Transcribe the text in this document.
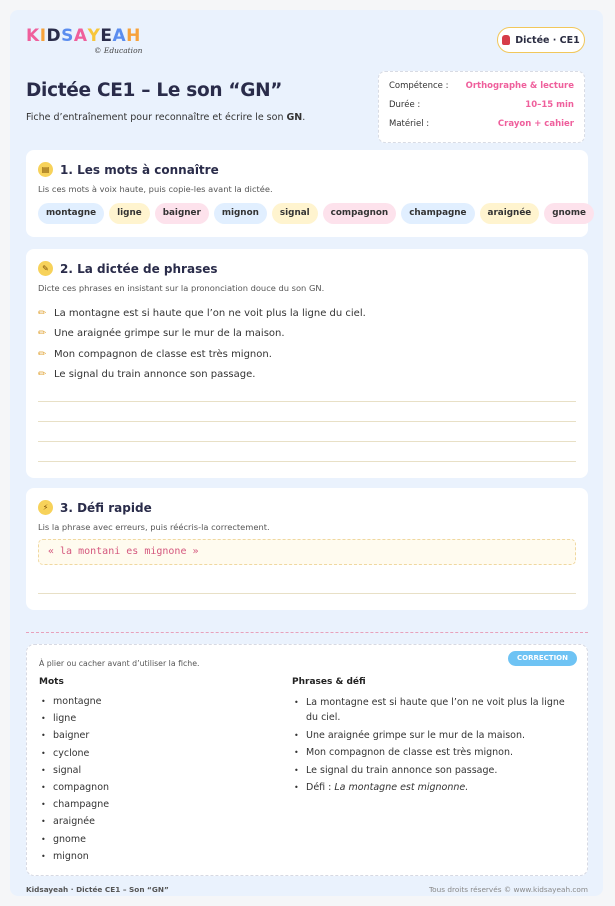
KIDSAYEAH
© Education
Dictée · CE1
Dictée CE1 – Le son “GN”
Fiche d’entraînement pour reconnaître et écrire le son GN.
Compétence : Orthographe & lecture
Durée :	10–15 min
Matériel :	Crayon + cahier
▤ 1. Les mots à connaître
Lis ces mots à voix haute, puis copie-les avant la dictée.
montagne	ligne	baigner	mignon	signal	compagnon	champagne	araignée	gnome
✎ 2. La dictée de phrases
Dicte ces phrases en insistant sur la prononciation douce du son GN.
✏ La montagne est si haute que l’on ne voit plus la ligne du ciel.
✏ Une araignée grimpe sur le mur de la maison.
✏ Mon compagnon de classe est très mignon.
✏ Le signal du train annonce son passage.
⚡ 3. Défi rapide
Lis la phrase avec erreurs, puis réécris-la correctement.
« la montani es mignone »
CORRECTION
À plier ou cacher avant d’utiliser la fiche.
Mots
• montagne
• ligne
• baigner
• cyclone
• signal
• compagnon
• champagne
• araignée
• gnome
• mignon
Phrases & défi
• La montagne est si haute que l’on ne voit plus la ligne du ciel.
• Une araignée grimpe sur le mur de la maison.
• Mon compagnon de classe est très mignon.
• Le signal du train annonce son passage.
• Défi : La montagne est mignonne.
Kidsayeah · Dictée CE1 – Son “GN”	Tous droits réservés © www.kidsayeah.com
